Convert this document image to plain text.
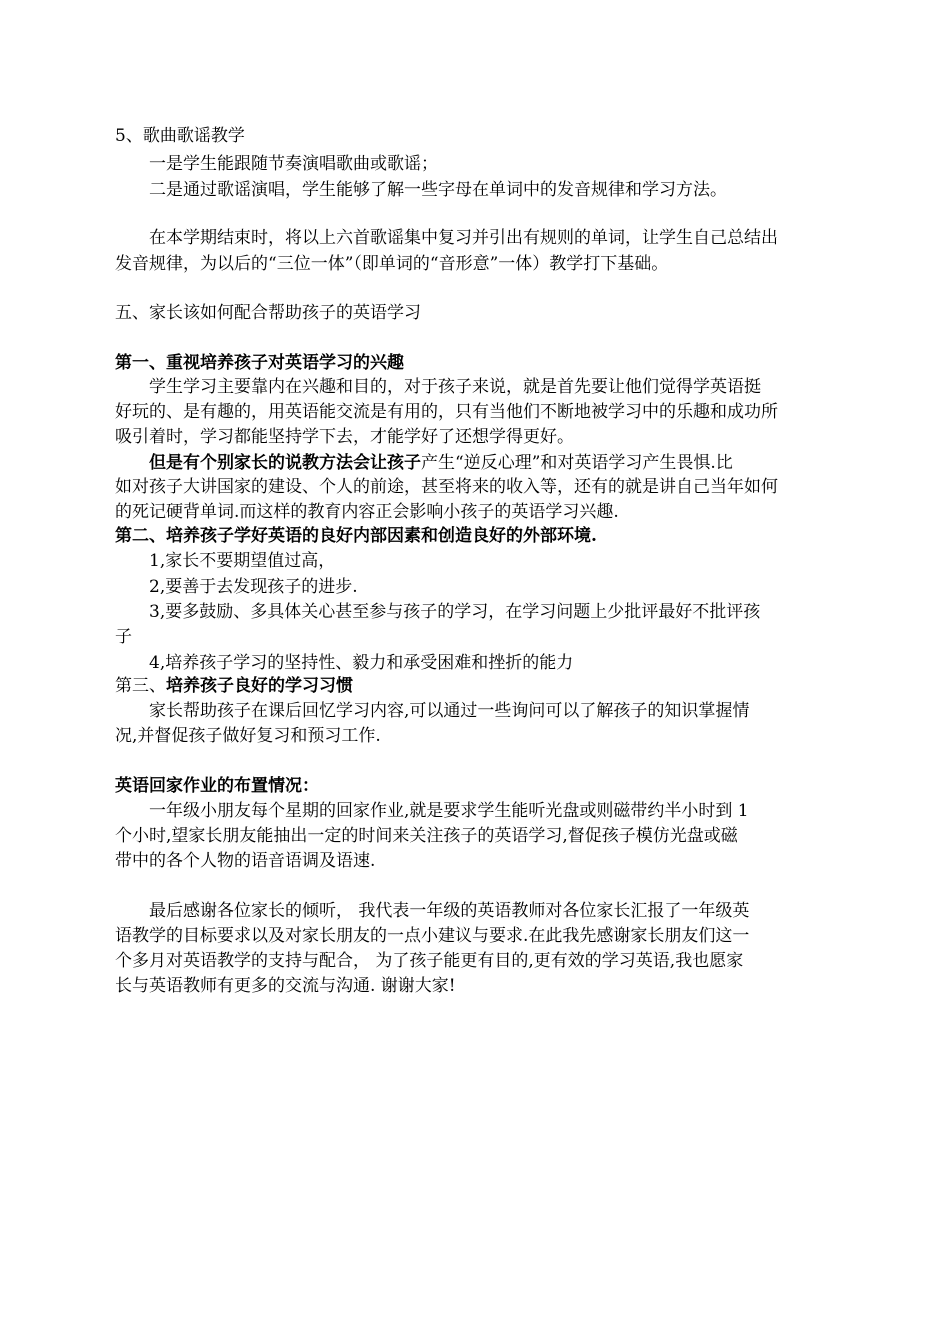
5、歌曲歌谣教学
一是学生能跟随节奏演唱歌曲或歌谣；
二是通过歌谣演唱，学生能够了解一些字母在单词中的发音规律和学习方法。
在本学期结束时，将以上六首歌谣集中复习并引出有规则的单词，让学生自己总结出
发音规律，为以后的“三位一体”（即单词的“音形意”一体）教学打下基础。
五、家长该如何配合帮助孩子的英语学习
第一、重视培养孩子对英语学习的兴趣
学生学习主要靠内在兴趣和目的，对于孩子来说，就是首先要让他们觉得学英语挺
好玩的、是有趣的，用英语能交流是有用的，只有当他们不断地被学习中的乐趣和成功所
吸引着时，学习都能坚持学下去，才能学好了还想学得更好。
但是有个别家长的说教方法会让孩子产生“逆反心理”和对英语学习产生畏惧.比
如对孩子大讲国家的建设、个人的前途，甚至将来的收入等，还有的就是讲自己当年如何
的死记硬背单词.而这样的教育内容正会影响小孩子的英语学习兴趣.
第二、培养孩子学好英语的良好内部因素和创造良好的外部环境.
1,家长不要期望值过高，
2,要善于去发现孩子的进步.
3,要多鼓励、多具体关心甚至参与孩子的学习，在学习问题上少批评最好不批评孩
子
4,培养孩子学习的坚持性、毅力和承受困难和挫折的能力
第三、培养孩子良好的学习习惯
家长帮助孩子在课后回忆学习内容,可以通过一些询问可以了解孩子的知识掌握情
况,并督促孩子做好复习和预习工作.
英语回家作业的布置情况：
一年级小朋友每个星期的回家作业,就是要求学生能听光盘或则磁带约半小时到 1
个小时,望家长朋友能抽出一定的时间来关注孩子的英语学习,督促孩子模仿光盘或磁
带中的各个人物的语音语调及语速.
最后感谢各位家长的倾听， 我代表一年级的英语教师对各位家长汇报了一年级英
语教学的目标要求以及对家长朋友的一点小建议与要求.在此我先感谢家长朋友们这一
个多月对英语教学的支持与配合， 为了孩子能更有目的,更有效的学习英语,我也愿家
长与英语教师有更多的交流与沟通. 谢谢大家!
